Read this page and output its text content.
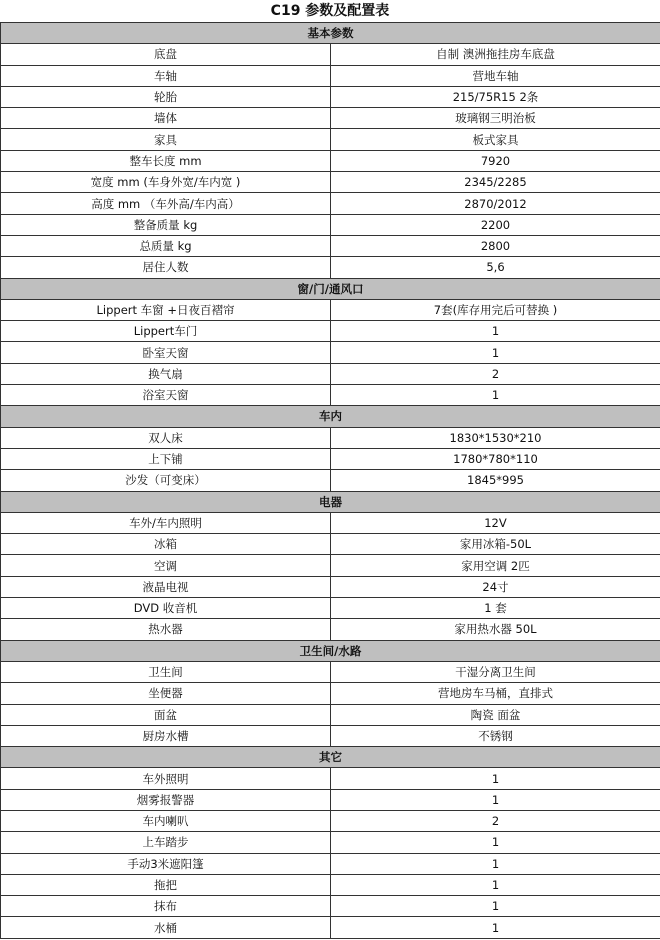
C19 参数及配置表
基本参数	
底盘	自制 澳洲拖挂房车底盘
车轴	营地车轴
轮胎	215/75R15 2条
墙体	玻璃钢三明治板
家具	板式家具
整车长度 mm	7920
宽度 mm (车身外宽/车内宽 )	2345/2285
高度 mm （车外高/车内高）	2870/2012
整备质量 kg	2200
总质量 kg	2800
居住人数	5,6
窗/门/通风口	
Lippert 车窗 +日夜百褶帘	7套(库存用完后可替换 )
Lippert车门	1
卧室天窗	1
换气扇	2
浴室天窗	1
车内	
双人床	1830*1530*210
上下铺	1780*780*110
沙发（可变床）	1845*995
电器	
车外/车内照明	12V
冰箱	家用冰箱-50L
空调	家用空调 2匹
液晶电视	24寸
DVD 收音机	1 套
热水器	家用热水器 50L
卫生间/水路	
卫生间	干湿分离卫生间
坐便器	营地房车马桶，直排式
面盆	陶瓷 面盆
厨房水槽	不锈钢
其它	
车外照明	1
烟雾报警器	1
车内喇叭	2
上车踏步	1
手动3米遮阳篷	1
拖把	1
抹布	1
水桶	1
